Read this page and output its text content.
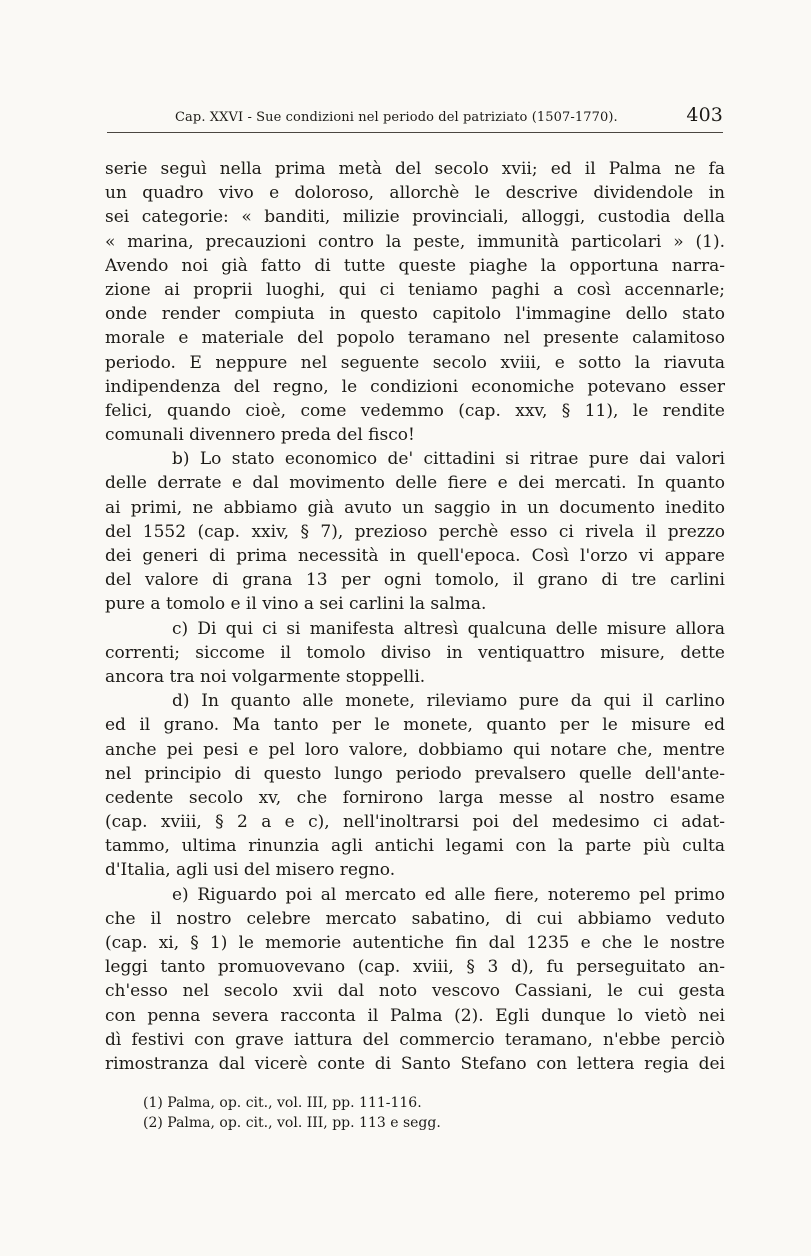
Cap. XXVI - Sue condizioni nel periodo del patriziato (1507-1770).	403
serie seguì nella prima metà del secolo xvii; ed il Palma ne fa
un quadro vivo e doloroso, allorchè le descrive dividendole in
sei categorie: « banditi, milizie provinciali, alloggi, custodia della
« marina, precauzioni contro la peste, immunità particolari » (1).
Avendo noi già fatto di tutte queste piaghe la opportuna narra-
zione ai proprii luoghi, qui ci teniamo paghi a così accennarle;
onde render compiuta in questo capitolo l'immagine dello stato
morale e materiale del popolo teramano nel presente calamitoso
periodo. E neppure nel seguente secolo xviii, e sotto la riavuta
indipendenza del regno, le condizioni economiche potevano esser
felici, quando cioè, come vedemmo (cap. xxv, § 11), le rendite
comunali divennero preda del fisco!
b) Lo stato economico de' cittadini si ritrae pure dai valori
delle derrate e dal movimento delle fiere e dei mercati. In quanto
ai primi, ne abbiamo già avuto un saggio in un documento inedito
del 1552 (cap. xxiv, § 7), prezioso perchè esso ci rivela il prezzo
dei generi di prima necessità in quell'epoca. Così l'orzo vi appare
del valore di grana 13 per ogni tomolo, il grano di tre carlini
pure a tomolo e il vino a sei carlini la salma.
c) Di qui ci si manifesta altresì qualcuna delle misure allora
correnti; siccome il tomolo diviso in ventiquattro misure, dette
ancora tra noi volgarmente stoppelli.
d) In quanto alle monete, rileviamo pure da qui il carlino
ed il grano. Ma tanto per le monete, quanto per le misure ed
anche pei pesi e pel loro valore, dobbiamo qui notare che, mentre
nel principio di questo lungo periodo prevalsero quelle dell'ante-
cedente secolo xv, che fornirono larga messe al nostro esame
(cap. xviii, § 2 a e c), nell'inoltrarsi poi del medesimo ci adat-
tammo, ultima rinunzia agli antichi legami con la parte più culta
d'Italia, agli usi del misero regno.
e) Riguardo poi al mercato ed alle fiere, noteremo pel primo
che il nostro celebre mercato sabatino, di cui abbiamo veduto
(cap. xi, § 1) le memorie autentiche fin dal 1235 e che le nostre
leggi tanto promuovevano (cap. xviii, § 3 d), fu perseguitato an-
ch'esso nel secolo xvii dal noto vescovo Cassiani, le cui gesta
con penna severa racconta il Palma (2). Egli dunque lo vietò nei
dì festivi con grave iattura del commercio teramano, n'ebbe perciò
rimostranza dal vicerè conte di Santo Stefano con lettera regia dei
(1) Palma, op. cit., vol. III, pp. 111-116.
(2) Palma, op. cit., vol. III, pp. 113 e segg.
